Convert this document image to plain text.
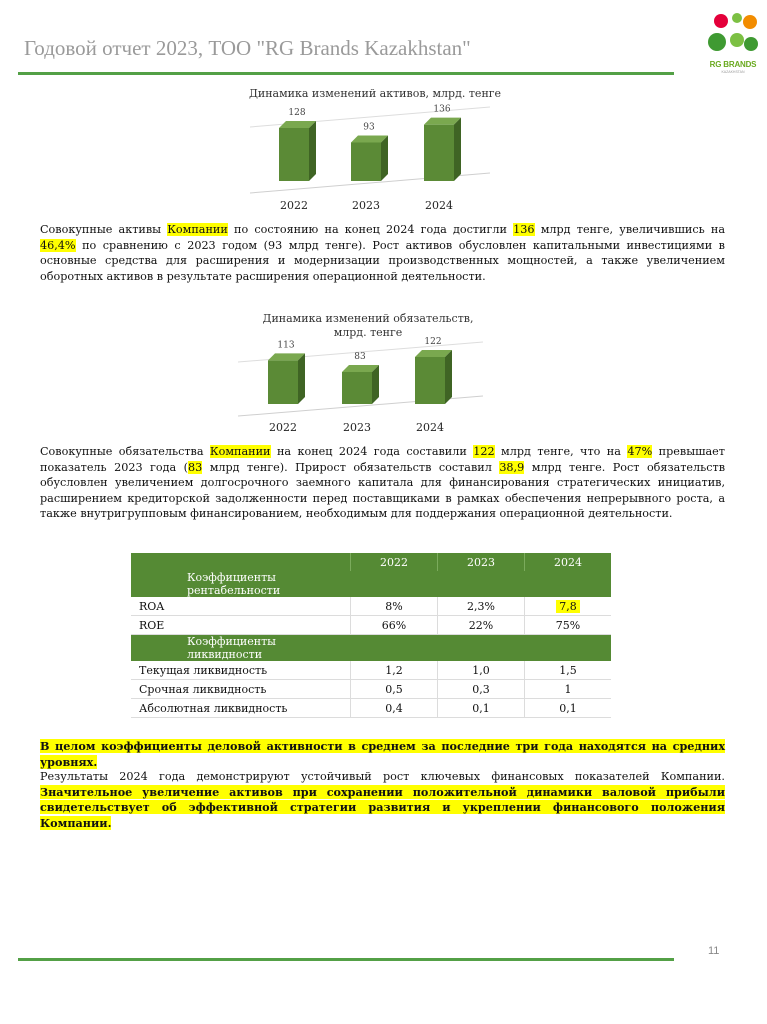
Годовой отчет 2023, ТОО "RG Brands Kazakhstan"
RG BRANDS
KAZAKHSTAN
Динамика изменений активов, млрд. тенге
128
2022
93
2023
136
2024
Совокупные активы Компании по состоянию на конец 2024 года достигли 136 млрд тенге, увеличившись на 46,4% по сравнению с 2023 годом (93 млрд тенге). Рост активов обусловлен капитальными инвестициями в основные средства для расширения и модернизации производственных мощностей, а также увеличением оборотных активов в результате расширения операционной деятельности.
Динамика изменений обязательств, млрд. тенге
113
2022
83
2023
122
2024
Совокупные обязательства Компании на конец 2024 года составили 122 млрд тенге, что на 47% превышает показатель 2023 года (83 млрд тенге). Прирост обязательств составил 38,9 млрд тенге. Рост обязательств обусловлен увеличением долгосрочного заемного капитала для финансирования стратегических инициатив, расширением кредиторской задолженности перед поставщиками в рамках обеспечения непрерывного роста, а также внутригрупповым финансированием, необходимым для поддержания операционной деятельности.
	2022	2023	2024
Коэффициенты рентабельности			
ROA	8%	2,3%	7,8
ROE	66%	22%	75%
Коэффициенты ликвидности			
Текущая ликвидность	1,2	1,0	1,5
Срочная ликвидность	0,5	0,3	1
Абсолютная ликвидность	0,4	0,1	0,1
В целом коэффициенты деловой активности в среднем за последние три года находятся на средних уровнях.
Результаты 2024 года демонстрируют устойчивый рост ключевых финансовых показателей Компании. Значительное увеличение активов при сохранении положительной динамики валовой прибыли свидетельствует об эффективной стратегии развития и укреплении финансового положения Компании.
11
